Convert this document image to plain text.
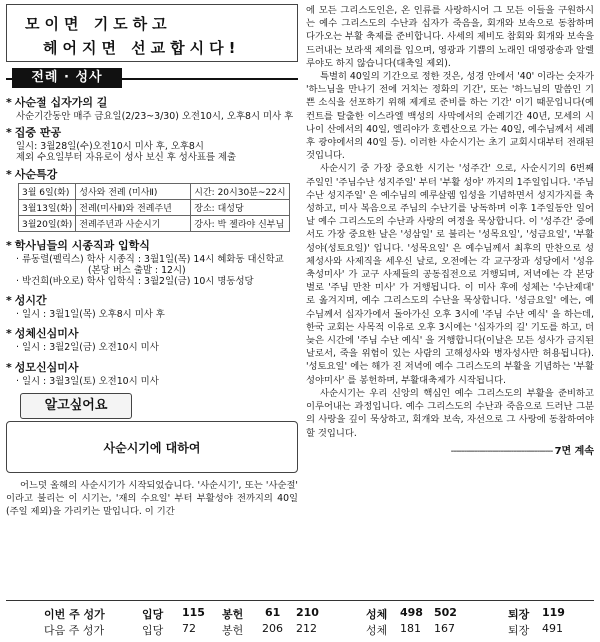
모이면 기도하고
헤어지면 선교합시다!
전례 · 성사
* 사순절 십자가의 길
사순기간동안 매주 금요일(2/23~3/30) 오전10시, 오후8시 미사 후
* 집중 판공
일시: 3월28일(수)오전10시 미사 후, 오후8시
제외 수요일부터 자유로이 성사 보신 후 성사표를 제출
* 사순특강
3월 6일(화)	성사와 전례 (미사Ⅱ)	시간: 20시30분~22시
3월13일(화)	전례(미사Ⅱ)와 전례주년	장소: 대성당
3월20일(화)	전례주년과 사순시기	강사: 박 젤라야 신부님
* 학사님들의 시종직과 입학식
· 류동렬(펠릭스) 학사 시종직 : 3월1일(목) 14시 혜화동 대신학교
(본당 버스 출발 : 12시)
· 박건희(바오로) 학사 입학식 : 3월2일(금) 10시 명동성당
* 성시간
· 일시 : 3월1일(목) 오후8시 미사 후
* 성체신심미사
· 일시 : 3월2일(금) 오전10시 미사
* 성모신심미사
· 일시 : 3월3일(토) 오전10시 미사
알고싶어요
사순시기에 대하여
어느덧 올해의 사순시기가 시작되었습니다. '사순시기', 또는 '사순절' 이라고 불리는 이 시기는, '재의 수요일' 부터 부활성야 전까지의 40일(주일 제외)을 가리키는 말입니다. 이 기간
에 모든 그리스도인은, 온 인류를 사랑하시어 그 모든 이들을 구원하시는 예수 그리스도의 수난과 십자가 죽음을, 회개와 보속으로 동참하며 다가오는 부활 축제를 준비합니다. 사세의 제비도 참회와 회개와 보속을 드러내는 보라색 제의를 입으며, 영광과 기쁨의 노래인 대영광송과 알렐루야도 하지 않습니다(대축일 제외).
특별히 40일의 기간으로 정한 것은, 성경 안에서 '40' 이라는 숫자가 '하느님을 만나기 전에 거치는 정화의 기간', 또는 '하느님의 말씀인 기쁜 소식을 선포하기 위해 제게로 준비를 하는 기간' 이기 때문입니다(예컨트를 탈출한 이스라엘 백성의 사막에서의 순례기간 40년, 모세의 시나이 산에서의 40일, 엘리야가 호렙산으로 가는 40일, 예수님께서 세례 후 광야에서의 40일 등). 이러한 사순시기는 초기 교회시대부터 전래된 것입니다.
사순시기 중 가장 중요한 시기는 '성주간' 으로, 사순시기의 6번째 주일인 '주님수난 성지주일' 부터 '부활 성야' 까지의 1주일입니다. '주님수난 성지주일' 은 예수님의 예루살렘 입성을 기념하면서 성지가지를 축성하고, 미사 복음으로 주님의 수난기를 낭독하며 이후 1주일동안 일어날 예수 그리스도의 수난과 사랑의 여정을 묵상합니다. 이 '성주간' 중에서도 가장 중요한 날은 '성삼일' 로 불리는 '성목요일', '성금요일', '부활성야(성토요일)' 입니다. '성목요일' 은 예수님께서 최후의 만찬으로 성체성사와 사제직을 세우신 날로, 오전에는 각 교구장과 성당에서 '성유축성미사' 가 교구 사제들의 공동집전으로 거행되며, 저녁에는 각 본당 별로 '주님 만찬 미사' 가 거행됩니다. 이 미사 후에 성체는 '수난제대' 로 옮겨지며, 예수 그리스도의 수난을 묵상합니다. '성금요일' 에는, 예수님께서 십자가에서 돌아가신 오후 3시에 '주님 수난 예식' 을 하는데, 한국 교회는 사목적 이유로 오후 3시에는 '십자가의 길' 기도를 하고, 더 늦은 시간에 '주님 수난 예식' 을 거행합니다(이날은 모든 성사가 금지된 날로서, 죽을 위험이 있는 사람의 고해성사와 병자성사만 허용됩니다). '성토요일' 에는 해가 진 저녁에 예수 그리스도의 부활을 기념하는 '부활성야미사' 를 봉헌하며, 부활대축제가 시작됩니다.
사순시기는 우리 신앙의 핵심인 예수 그리스도의 부활을 준비하고 이루어내는 과정입니다. 예수 그리스도의 수난과 죽음으로 드러난 그분의 사랑을 깊이 묵상하고, 회개와 보속, 자선으로 그 사랑에 동참하여야 할 것입니다.
--------------------------------------- 7면 계속
이번 주 성가	입당 115 봉헌 61 210	성체 498 502	퇴장 119
다음 주 성가	입당 72 봉헌 206 212	성체 181 167	퇴장 491
